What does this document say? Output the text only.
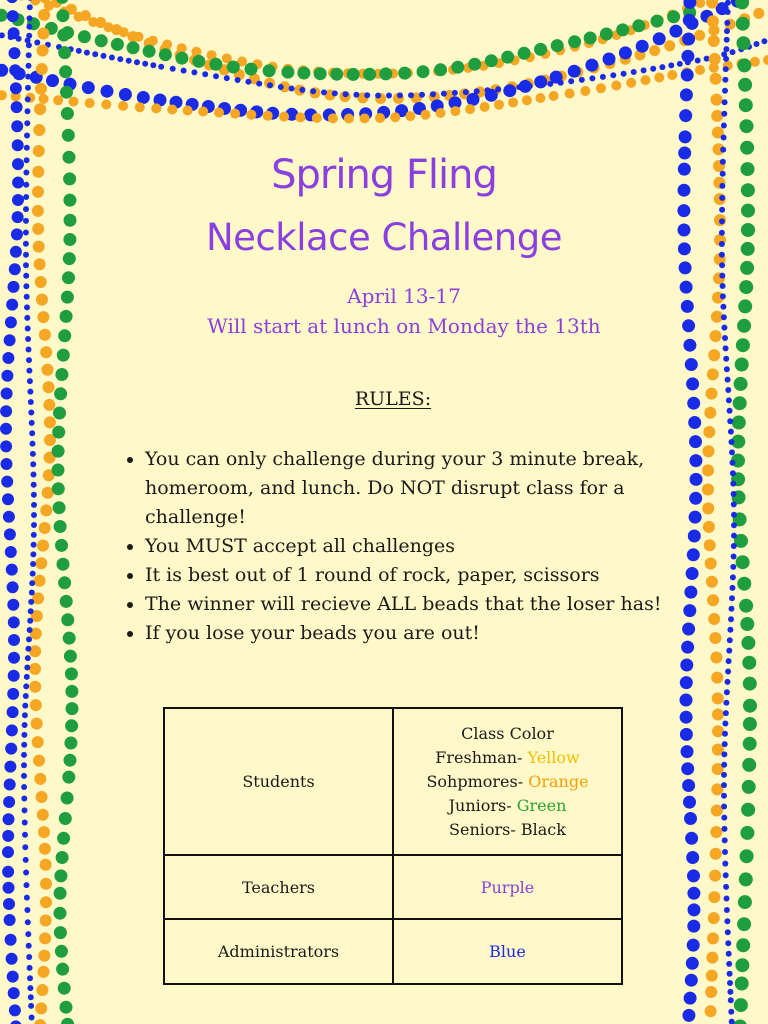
Spring Fling
Necklace Challenge
April 13-17
Will start at lunch on Monday the 13th
RULES:
• You can only challenge during your 3 minute break, homeroom, and lunch. Do NOT disrupt class for a challenge!
• You MUST accept all challenges
• It is best out of 1 round of rock, paper, scissors
• The winner will recieve ALL beads that the loser has!
• If you lose your beads you are out!
Students	Class Color
Freshman- Yellow
Sohpmores- Orange
Juniors- Green
Seniors- Black

Teachers	Purple
Administrators	Blue
